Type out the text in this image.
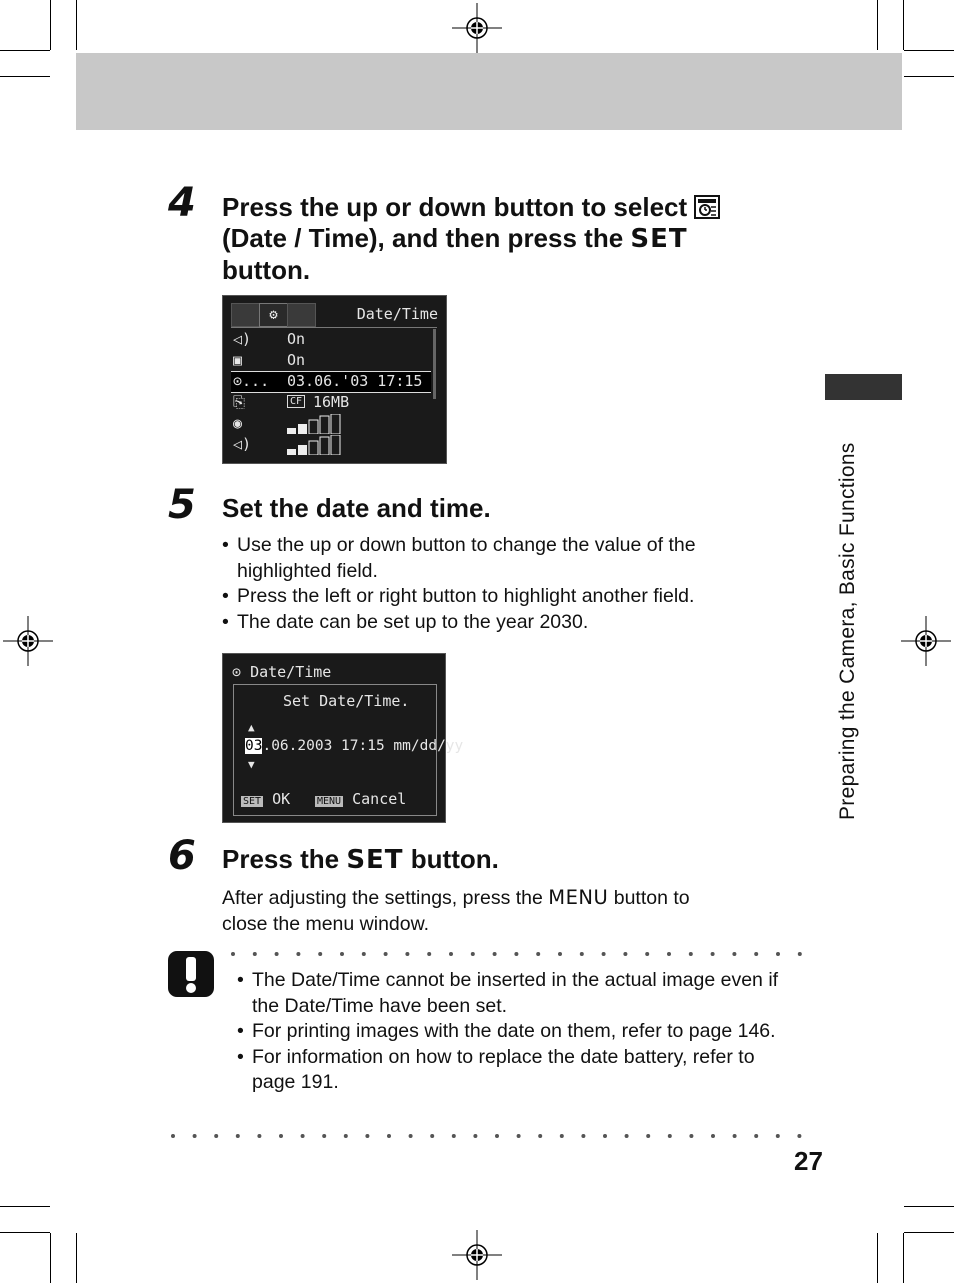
Preparing the Camera, Basic Functions
4 Press the up or down button to select
(Date / Time), and then press the SET
button.
⚙	Date/Time
◁) On
▣	On
⊙... 03.06.'03 17:15
⎘	CF 16MB
◉
◁)
5 Set the date and time.
• Use the up or down button to change the value of the highlighted field.
• Press the left or right button to highlight another field.
• The date can be set up to the year 2030.
⊙ Date/Time
Set Date/Time.
▲
03.06.2003 17:15 mm/dd/yy
▼
SET OK	MENU Cancel
6 Press the SET button.
After adjusting the settings, press the MENU button to
close the menu window.
• The Date/Time cannot be inserted in the actual image even if the Date/Time have been set.
• For printing images with the date on them, refer to page 146.
• For information on how to replace the date battery, refer to page 191.
27
